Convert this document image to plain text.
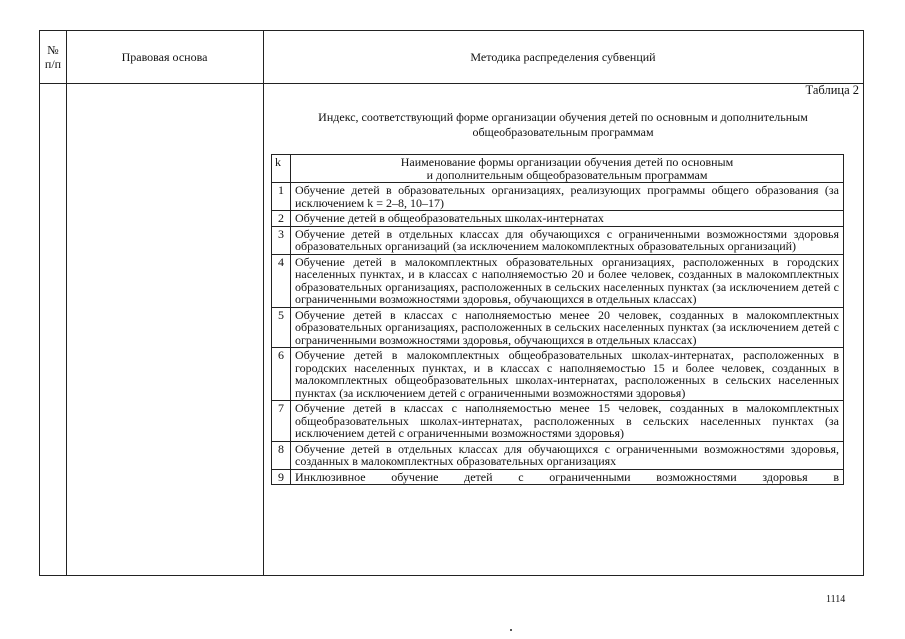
№
п/п	Правовая основа	Методика распределения субвенций
Таблица 2
Индекс, соответствующий форме организации обучения детей по основным и дополнительным общеобразовательным программам
k	Наименование формы организации обучения детей по основным
и дополнительным общеобразовательным программам
1	Обучение детей в образовательных организациях, реализующих программы общего образования (за исключением k = 2–8, 10–17)
2	Обучение детей в общеобразовательных школах-интернатах
3	Обучение детей в отдельных классах для обучающихся с ограниченными возможностями здоровья образовательных организаций (за исключением малокомплектных образовательных организаций)
4	Обучение детей в малокомплектных образовательных организациях, расположенных в городских населенных пунктах, и в классах с наполняемостью 20 и более человек, созданных в малокомплектных образовательных организациях, расположенных в сельских населенных пунктах (за исключением детей с ограниченными возможностями здоровья, обучающихся в отдельных классах)
5	Обучение детей в классах с наполняемостью менее 20 человек, созданных в малокомплектных образовательных организациях, расположенных в сельских населенных пунктах (за исключением детей с ограниченными возможностями здоровья, обучающихся в отдельных классах)
6	Обучение детей в малокомплектных общеобразовательных школах-интернатах, расположенных в городских населенных пунктах, и в классах с наполняемостью 15 и более человек, созданных в малокомплектных общеобразовательных школах-интернатах, расположенных в сельских населенных пунктах (за исключением детей с ограниченными возможностями здоровья)
7	Обучение детей в классах с наполняемостью менее 15 человек, созданных в малокомплектных общеобразовательных школах-интернатах, расположенных в сельских населенных пунктах (за исключением детей с ограниченными возможностями здоровья)
8	Обучение детей в отдельных классах для обучающихся с ограниченными возможностями здоровья, созданных в малокомплектных образовательных организациях
9	Инклюзивное обучение детей с ограниченными возможностями здоровья в
1114
